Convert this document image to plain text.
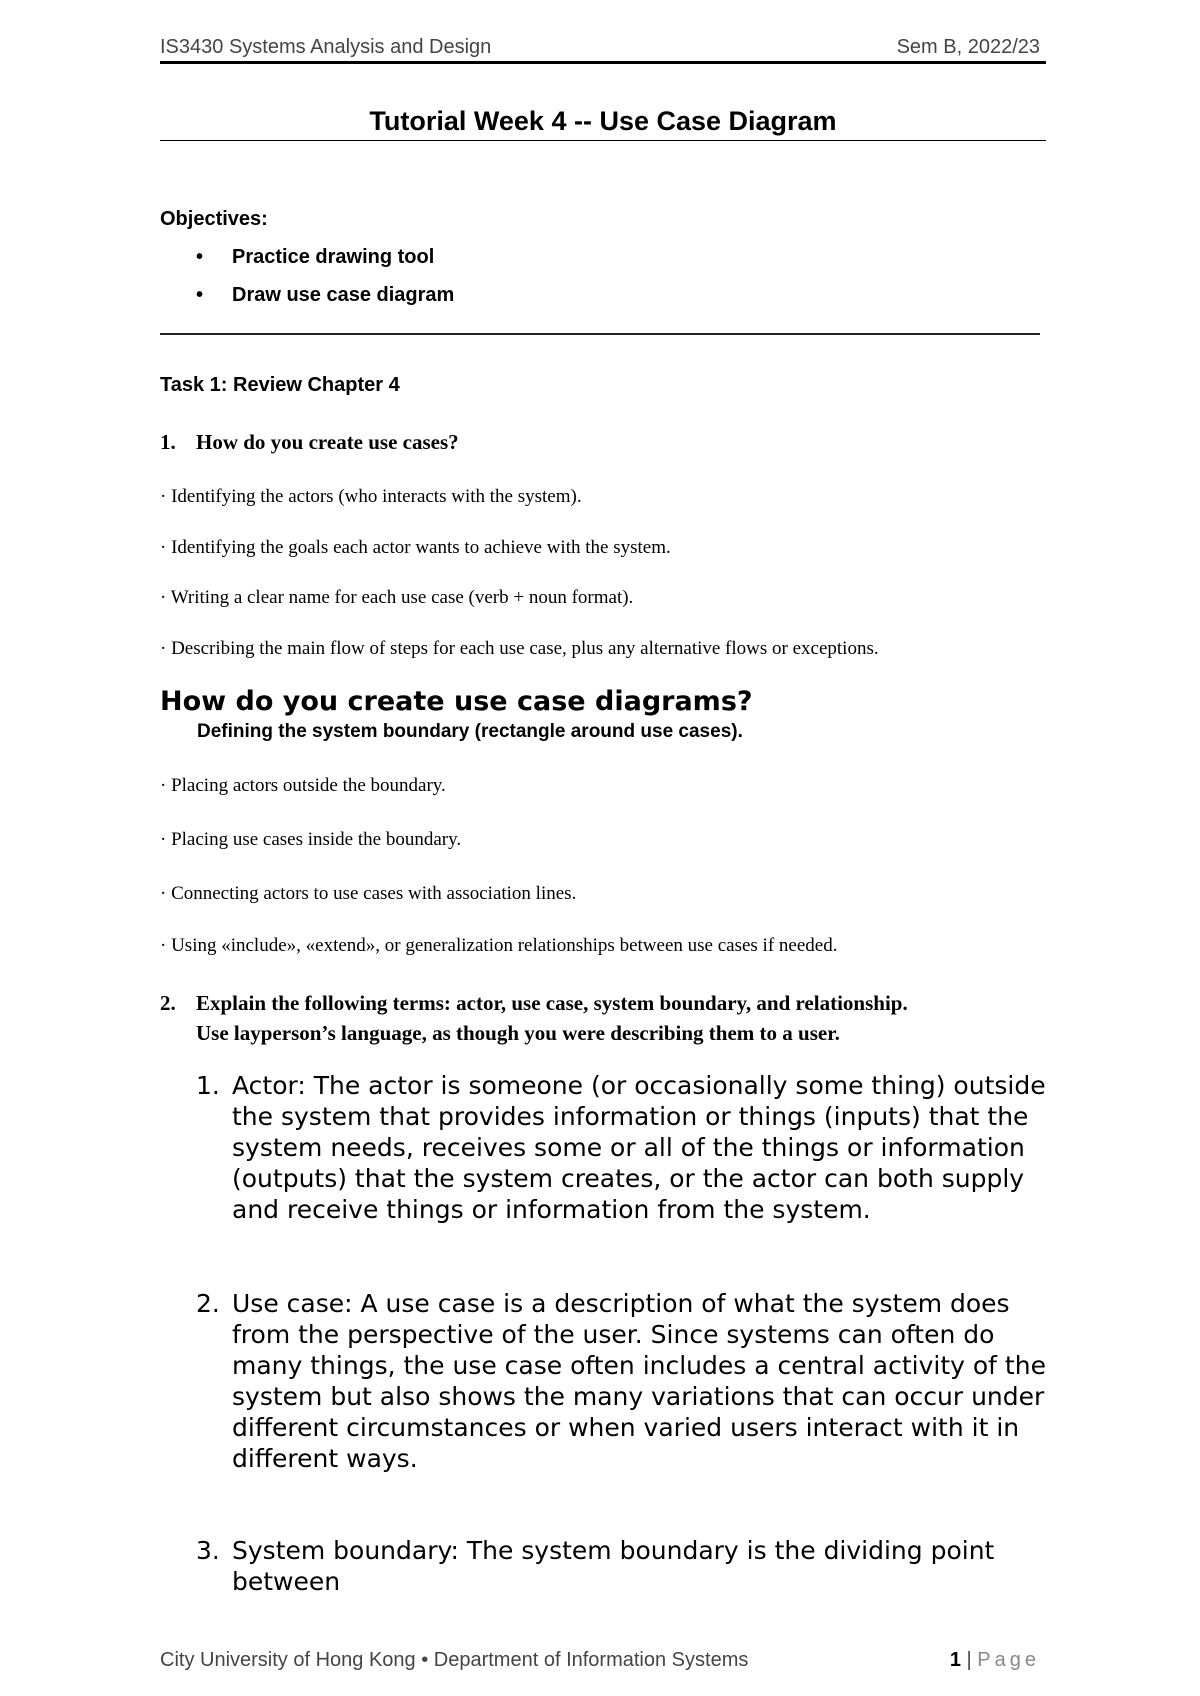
IS3430 Systems Analysis and Design	Sem B, 2022/23
Tutorial Week 4 -- Use Case Diagram
Objectives:
• Practice drawing tool
• Draw use case diagram
Task 1: Review Chapter 4
1. How do you create use cases?
· Identifying the actors (who interacts with the system).
· Identifying the goals each actor wants to achieve with the system.
· Writing a clear name for each use case (verb + noun format).
· Describing the main flow of steps for each use case, plus any alternative flows or exceptions.
How do you create use case diagrams?
Defining the system boundary (rectangle around use cases).
· Placing actors outside the boundary.
· Placing use cases inside the boundary.
· Connecting actors to use cases with association lines.
· Using «include», «extend», or generalization relationships between use cases if needed.
2. Explain the following terms: actor, use case, system boundary, and relationship.
Use layperson’s language, as though you were describing them to a user.
1. Actor: The actor is someone (or occasionally some thing) outside the system that provides information or things (inputs) that the system needs, receives some or all of the things or information (outputs) that the system creates, or the actor can both supply and receive things or information from the system.
2. Use case: A use case is a description of what the system does from the perspective of the user. Since systems can often do many things, the use case often includes a central activity of the system but also shows the many variations that can occur under different circumstances or when varied users interact with it in different ways.
3. System boundary: The system boundary is the dividing point between
City University of Hong Kong • Department of Information Systems	1 | Page
